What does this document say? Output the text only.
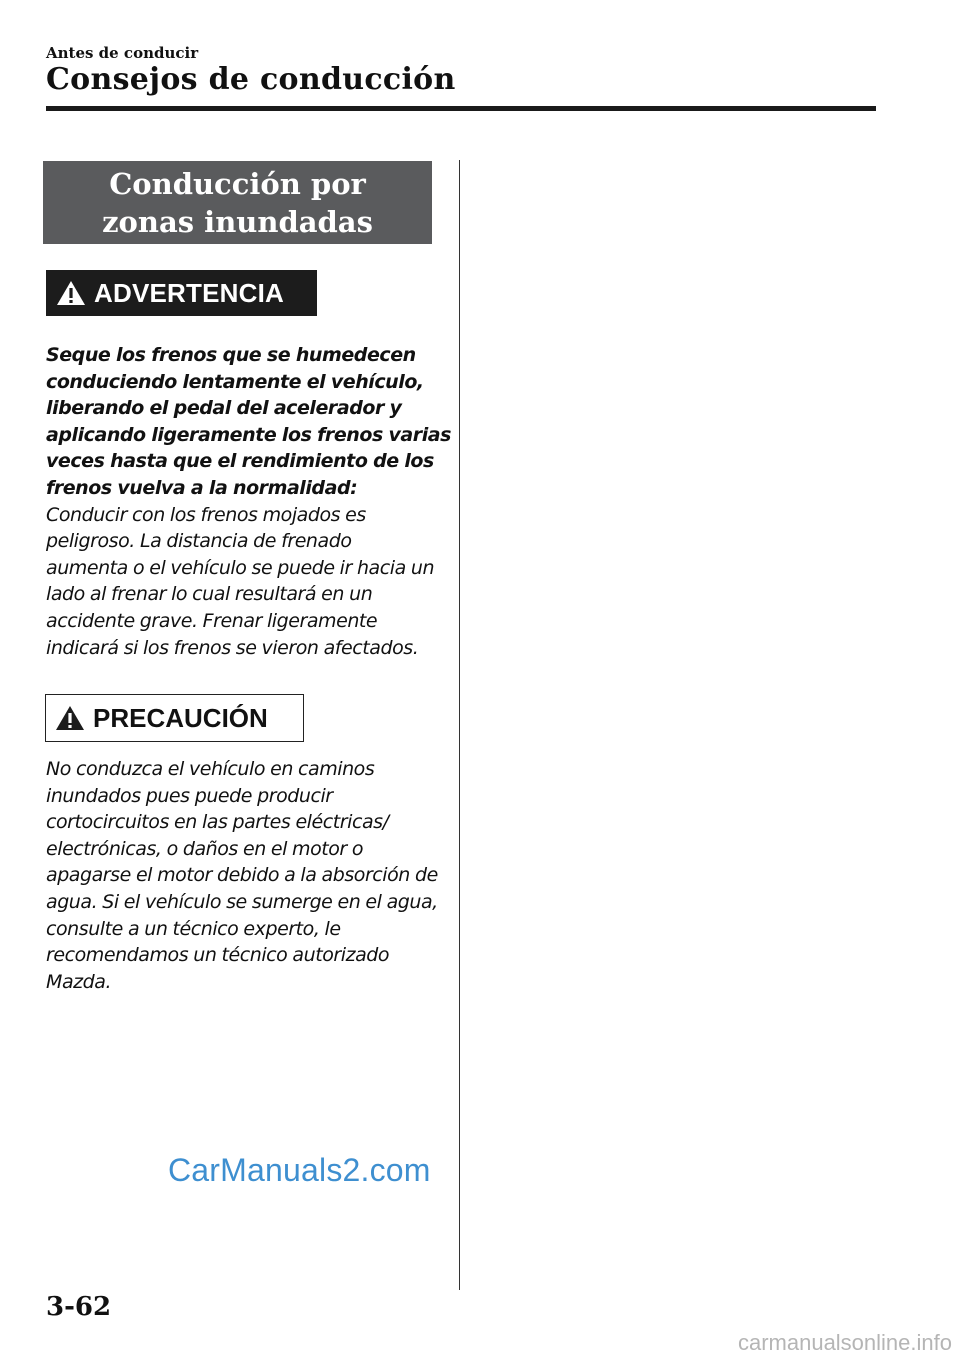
Antes de conducir
Consejos de conducción
Conducción por zonas inundadas
ADVERTENCIA
Seque los frenos que se humedecen
conduciendo lentamente el vehículo,
liberando el pedal del acelerador y
aplicando ligeramente los frenos varias
veces hasta que el rendimiento de los
frenos vuelva a la normalidad:
Conducir con los frenos mojados es
peligroso. La distancia de frenado
aumenta o el vehículo se puede ir hacia un
lado al frenar lo cual resultará en un
accidente grave. Frenar ligeramente
indicará si los frenos se vieron afectados.
PRECAUCIÓN
No conduzca el vehículo en caminos
inundados pues puede producir
cortocircuitos en las partes eléctricas/
electrónicas, o daños en el motor o
apagarse el motor debido a la absorción de
agua. Si el vehículo se sumerge en el agua,
consulte a un técnico experto, le
recomendamos un técnico autorizado
Mazda.
CarManuals2.com
3-62
carmanualsonline.info
